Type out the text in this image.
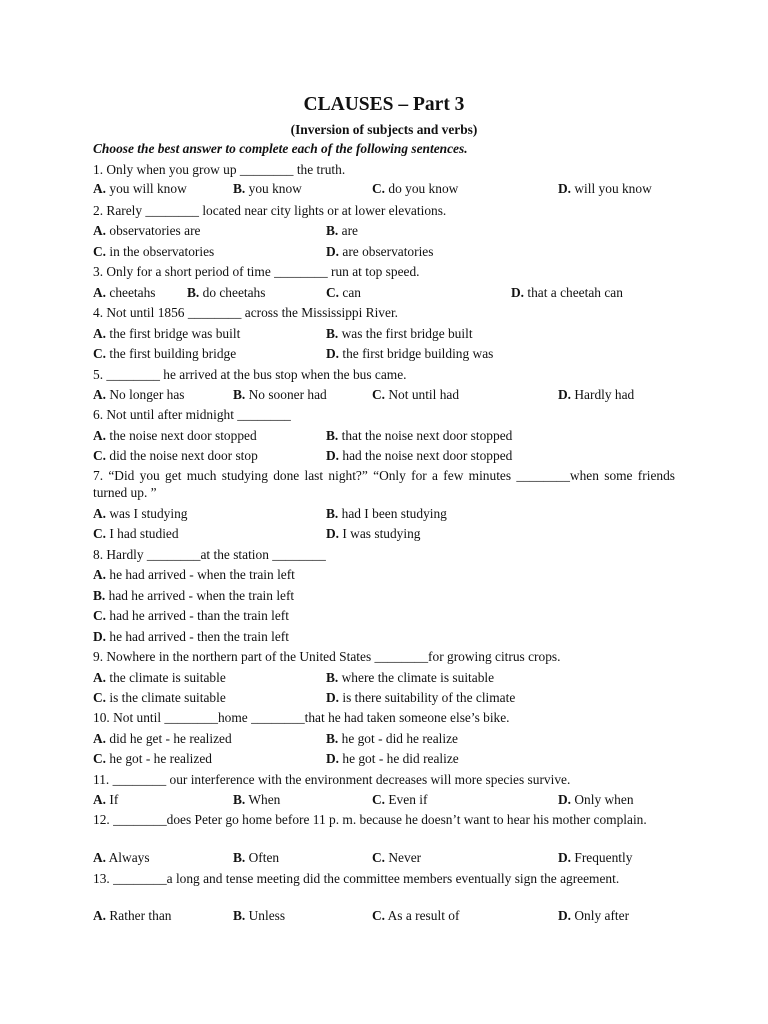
CLAUSES – Part 3
(Inversion of subjects and verbs)
Choose the best answer to complete each of the following sentences.
1. Only when you grow up ________ the truth.
A. you will know	B. you know	C. do you know	D. will you know
2. Rarely ________ located near city lights or at lower elevations.
A. observatories are	B. are
C. in the observatories	D. are observatories
3. Only for a short period of time ________ run at top speed.
A. cheetahs B. do cheetahs	C. can	D. that a cheetah can
4. Not until 1856 ________ across the Mississippi River.
A. the first bridge was built	B. was the first bridge built
C. the first building bridge	D. the first bridge building was
5. ________ he arrived at the bus stop when the bus came.
A. No longer has	B. No sooner had	C. Not until had	D. Hardly had
6. Not until after midnight ________
A. the noise next door stopped	B. that the noise next door stopped
C. did the noise next door stop	D. had the noise next door stopped
7. “Did you get much studying done last night?” “Only for a few minutes ________when some friends turned up. ”
A. was I studying	B. had I been studying
C. I had studied	D. I was studying
8. Hardly ________at the station ________
A. he had arrived - when the train left
B. had he arrived - when the train left
C. had he arrived - than the train left
D. he had arrived - then the train left
9. Nowhere in the northern part of the United States ________for growing citrus crops.
A. the climate is suitable	B. where the climate is suitable
C. is the climate suitable	D. is there suitability of the climate
10. Not until ________home ________that he had taken someone else’s bike.
A. did he get - he realized	B. he got - did he realize
C. he got - he realized	D. he got - he did realize
11. ________ our interference with the environment decreases will more species survive.
A. If	B. When	C. Even if	D. Only when
12. ________does Peter go home before 11 p. m. because he doesn’t want to hear his mother complain.
A. Always	B. Often	C. Never	D. Frequently
13. ________a long and tense meeting did the committee members eventually sign the agreement.
A. Rather than	B. Unless	C. As a result of	D. Only after
